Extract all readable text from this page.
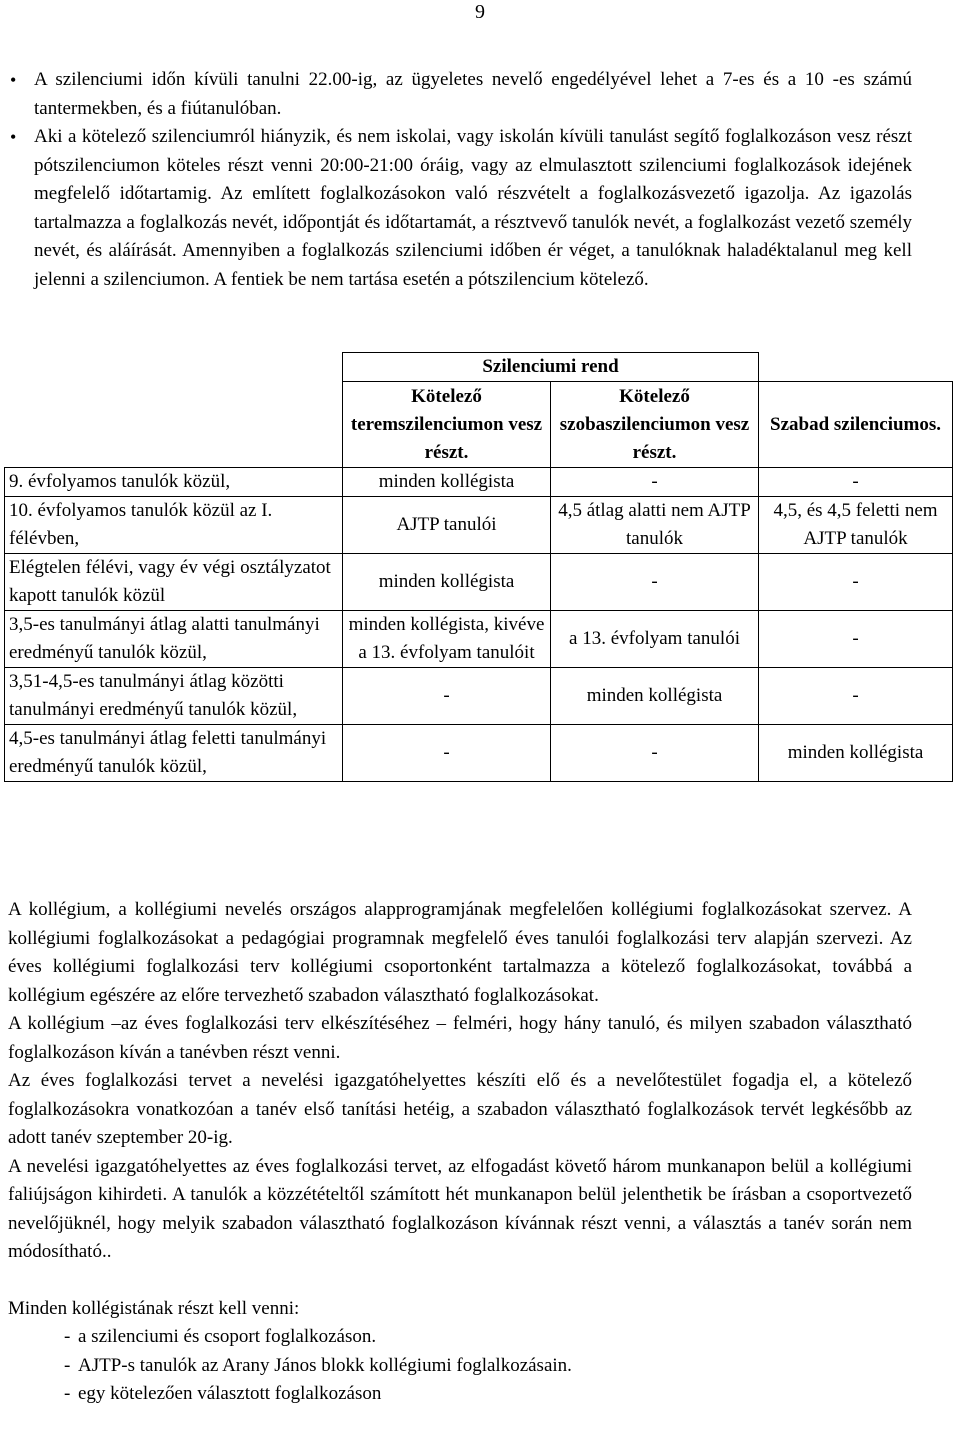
9
• A szilenciumi időn kívüli tanulni 22.00-ig, az ügyeletes nevelő engedélyével lehet a 7-es és a 10 -es számú tantermekben, és a fiútanulóban.
• Aki a kötelező szilenciumról hiányzik, és nem iskolai, vagy iskolán kívüli tanulást segítő foglalkozáson vesz részt pótszilenciumon köteles részt venni 20:00-21:00 óráig, vagy az elmulasztott szilenciumi foglalkozások idejének megfelelő időtartamig. Az említett foglalkozásokon való részvételt a foglalkozásvezető igazolja. Az igazolás tartalmazza a foglalkozás nevét, időpontját és időtartamát, a résztvevő tanulók nevét, a foglalkozást vezető személy nevét, és aláírását. Amennyiben a foglalkozás szilenciumi időben ér véget, a tanulóknak haladéktalanul meg kell jelenni a szilenciumon. A fentiek be nem tartása esetén a pótszilencium kötelező.
	Szilenciumi rend		
	Kötelező teremszilenciumon vesz részt.	Kötelező szobaszilenciumon vesz részt.	Szabad szilenciumos.
9. évfolyamos tanulók közül,	minden kollégista	-	-
10. évfolyamos tanulók közül az I. félévben,	AJTP tanulói	4,5 átlag alatti nem AJTP tanulók	4,5, és 4,5 feletti nem AJTP tanulók
Elégtelen félévi, vagy év végi osztályzatot kapott tanulók közül	minden kollégista	-	-
3,5-es tanulmányi átlag alatti tanulmányi eredményű tanulók közül,	minden kollégista, kivéve a 13. évfolyam tanulóit	a 13. évfolyam tanulói	-
3,51-4,5-es tanulmányi átlag közötti tanulmányi eredményű tanulók közül,	-	minden kollégista	-
4,5-es tanulmányi átlag feletti tanulmányi eredményű tanulók közül,	-	-	minden kollégista

A kollégium, a kollégiumi nevelés országos alapprogramjának megfelelően kollégiumi foglalkozásokat szervez. A kollégiumi foglalkozásokat a pedagógiai programnak megfelelő éves tanulói foglalkozási terv alapján szervezi. Az éves kollégiumi foglalkozási terv kollégiumi csoportonként tartalmazza a kötelező foglalkozásokat, továbbá a kollégium egészére az előre tervezhető szabadon választható foglalkozásokat.

A kollégium –az éves foglalkozási terv elkészítéséhez – felméri, hogy hány tanuló, és milyen szabadon választható foglalkozáson kíván a tanévben részt venni.

Az éves foglalkozási tervet a nevelési igazgatóhelyettes készíti elő és a nevelőtestület fogadja el, a kötelező foglalkozásokra vonatkozóan a tanév első tanítási hetéig, a szabadon választható foglalkozások tervét legkésőbb az adott tanév szeptember 20-ig.

A nevelési igazgatóhelyettes az éves foglalkozási tervet, az elfogadást követő három munkanapon belül a kollégiumi faliújságon kihirdeti. A tanulók a közzétételtől számított hét munkanapon belül jelenthetik be írásban a csoportvezető nevelőjüknél, hogy melyik szabadon választható foglalkozáson kívánnak részt venni, a választás a tanév során nem módosítható..

Minden kollégistának részt kell venni:

- a szilenciumi és csoport foglalkozáson.
- AJTP-s tanulók az Arany János blokk kollégiumi foglalkozásain.
- egy kötelezően választott foglalkozáson
